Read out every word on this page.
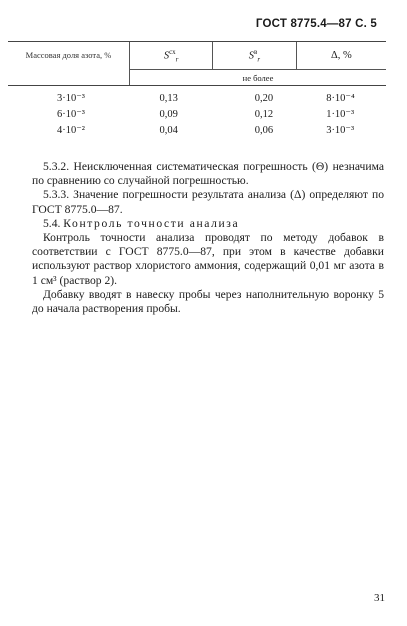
ГОСТ 8775.4—87 С. 5

Массовая доля азота, %	$S^{сх}_r$	$S^в_r$	Δ, %
	не более		

3·10⁻³	0,13	0,20	8·10⁻⁴
6·10⁻³	0,09	0,12	1·10⁻³
4·10⁻²	0,04	0,06	3·10⁻³

5.3.2. Неисключенная систематическая погрешность (Θ) незначима по сравнению со случайной погрешностью.

5.3.3. Значение погрешности результата анализа (Δ) определяют по ГОСТ 8775.0—87.

5.4. Контроль точности анализа

Контроль точности анализа проводят по методу добавок в соответствии с ГОСТ 8775.0—87, при этом в качестве добавки используют раствор хлористого аммония, содержащий 0,01 мг азота в 1 см³ (раствор 2).

Добавку вводят в навеску пробы через наполнительную воронку 5 до начала растворения пробы.

31
